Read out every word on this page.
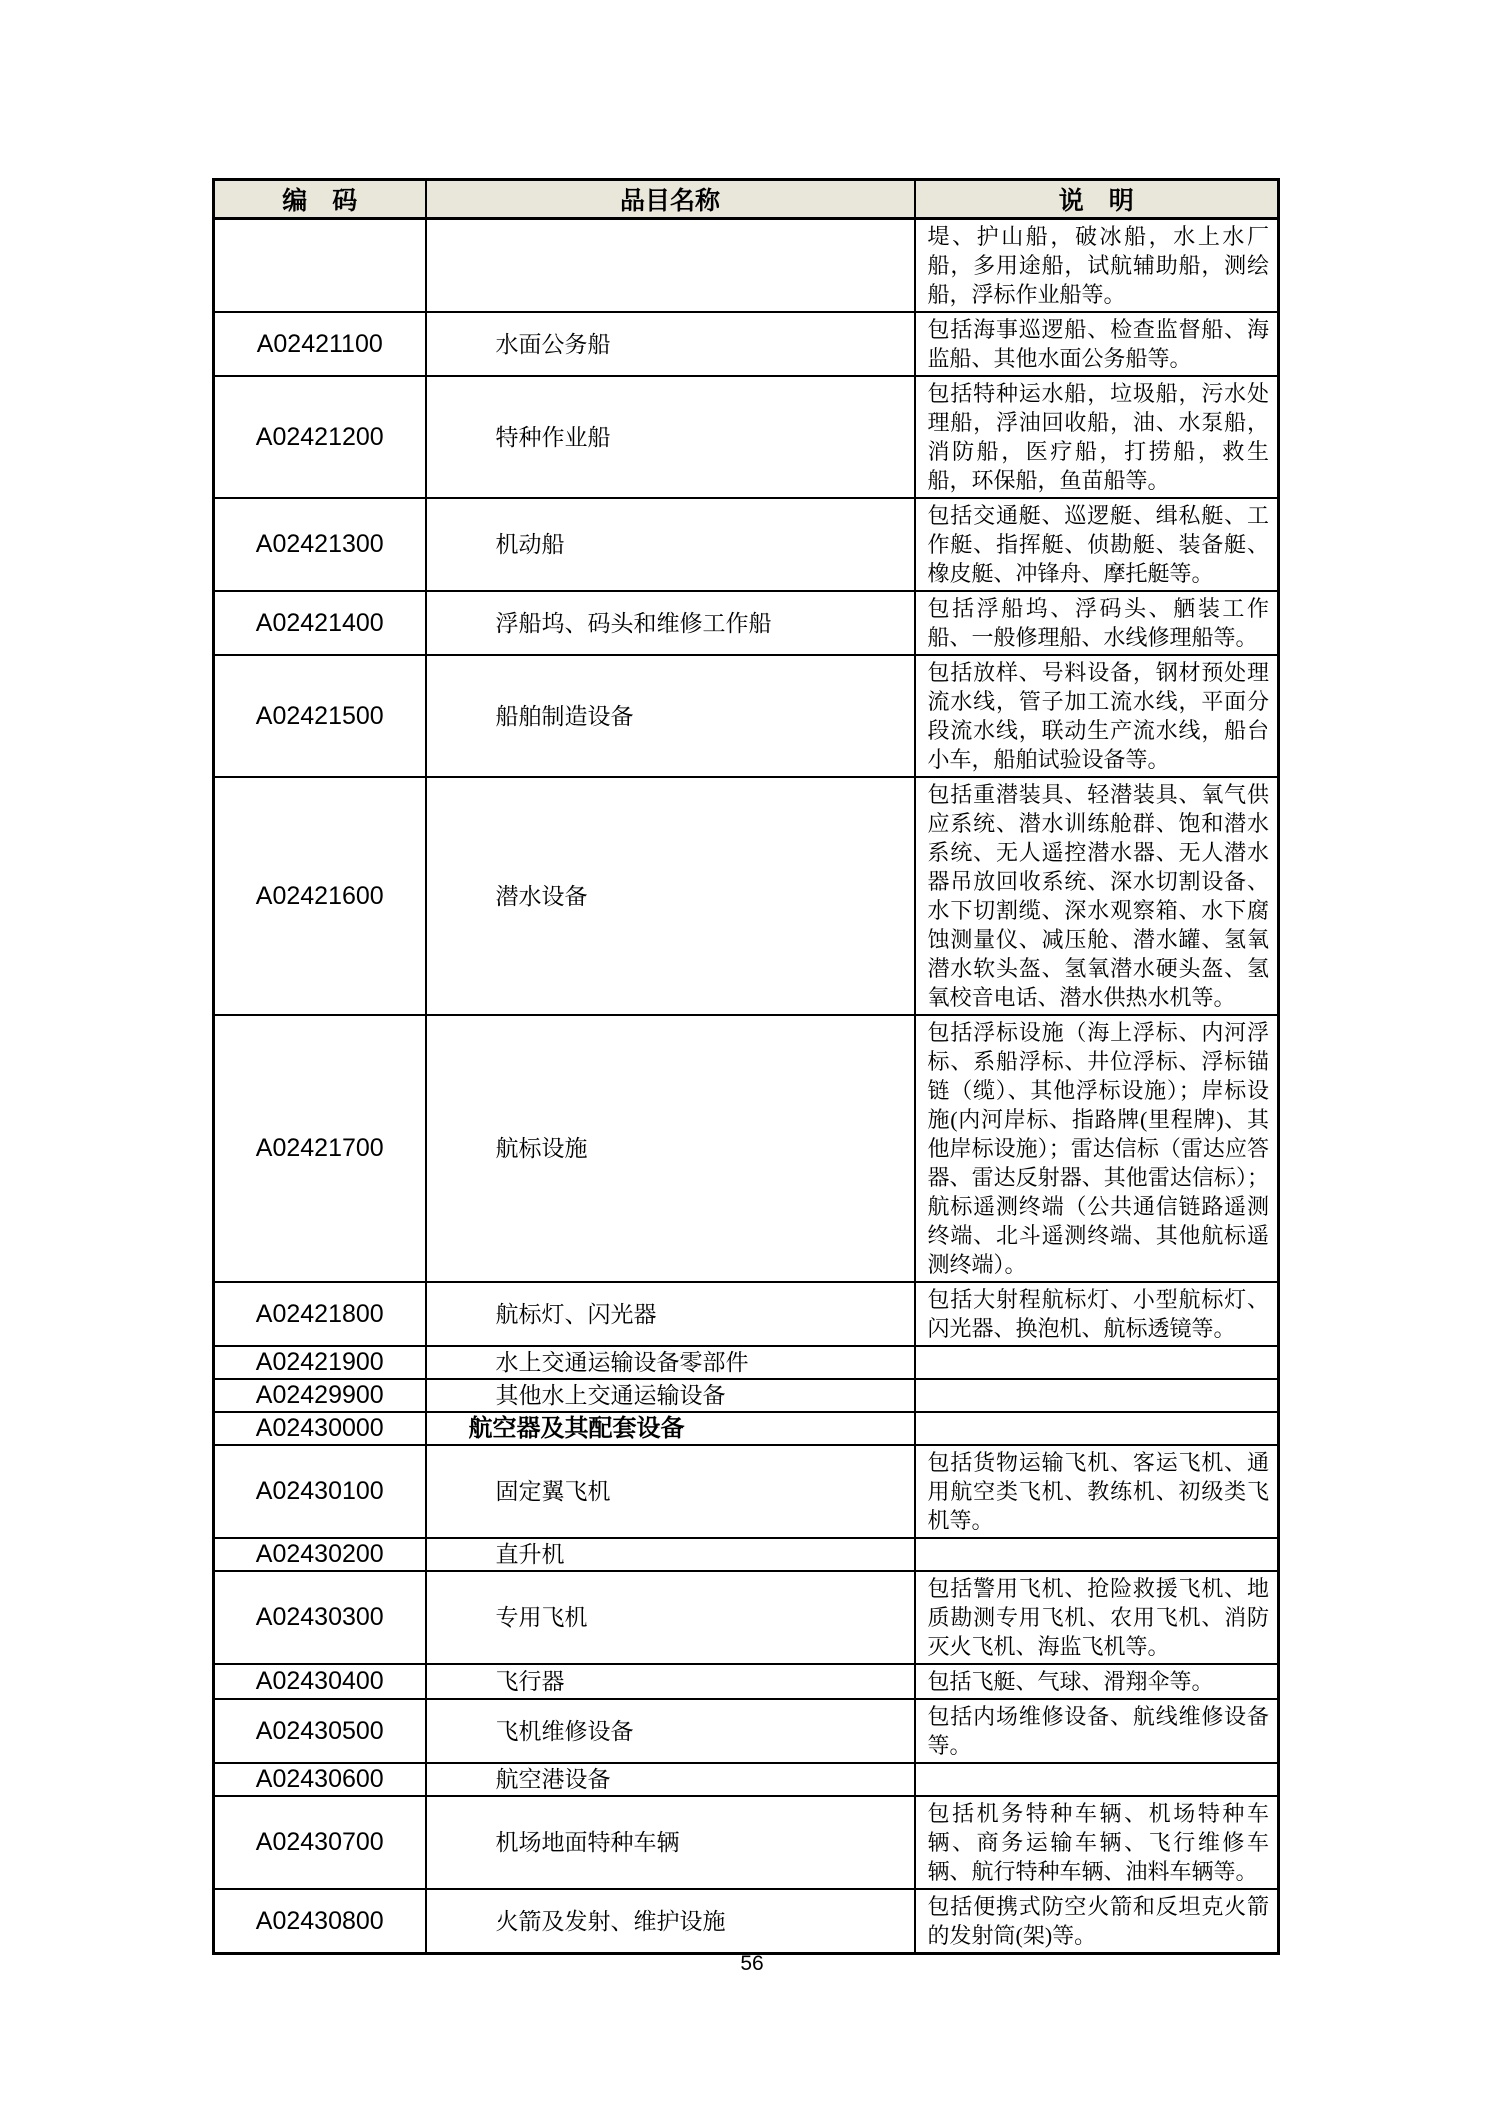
编　码	品目名称	说　明
		堤、护山船，破冰船，水上水厂船，多用途船，试航辅助船，测绘船，浮标作业船等。
A02421100	水面公务船	包括海事巡逻船、检查监督船、海监船、其他水面公务船等。
A02421200	特种作业船	包括特种运水船，垃圾船，污水处理船，浮油回收船，油、水泵船，消防船，医疗船，打捞船，救生船，环保船，鱼苗船等。
A02421300	机动船	包括交通艇、巡逻艇、缉私艇、工作艇、指挥艇、侦勘艇、装备艇、橡皮艇、冲锋舟、摩托艇等。
A02421400	浮船坞、码头和维修工作船	包括浮船坞、浮码头、舾装工作船、一般修理船、水线修理船等。
A02421500	船舶制造设备	包括放样、号料设备，钢材预处理流水线，管子加工流水线，平面分段流水线，联动生产流水线，船台小车，船舶试验设备等。
A02421600	潜水设备	包括重潜装具、轻潜装具、氧气供应系统、潜水训练舱群、饱和潜水系统、无人遥控潜水器、无人潜水器吊放回收系统、深水切割设备、水下切割缆、深水观察箱、水下腐蚀测量仪、减压舱、潜水罐、氢氧潜水软头盔、氢氧潜水硬头盔、氢氧校音电话、潜水供热水机等。
A02421700	航标设施	包括浮标设施（海上浮标、内河浮标、系船浮标、井位浮标、浮标锚链（缆）、其他浮标设施）；岸标设施(内河岸标、指路牌(里程牌)、其他岸标设施）；雷达信标（雷达应答器、雷达反射器、其他雷达信标）；航标遥测终端（公共通信链路遥测终端、北斗遥测终端、其他航标遥测终端）。
A02421800	航标灯、闪光器	包括大射程航标灯、小型航标灯、闪光器、换泡机、航标透镜等。
A02421900	水上交通运输设备零部件	
A02429900	其他水上交通运输设备	
A02430000	航空器及其配套设备	
A02430100	固定翼飞机	包括货物运输飞机、客运飞机、通用航空类飞机、教练机、初级类飞机等。
A02430200	直升机	
A02430300	专用飞机	包括警用飞机、抢险救援飞机、地质勘测专用飞机、农用飞机、消防灭火飞机、海监飞机等。
A02430400	飞行器	包括飞艇、气球、滑翔伞等。
A02430500	飞机维修设备	包括内场维修设备、航线维修设备等。
A02430600	航空港设备	
A02430700	机场地面特种车辆	包括机务特种车辆、机场特种车辆、商务运输车辆、飞行维修车辆、航行特种车辆、油料车辆等。
A02430800	火箭及发射、维护设施	包括便携式防空火箭和反坦克火箭的发射筒(架)等。
56
